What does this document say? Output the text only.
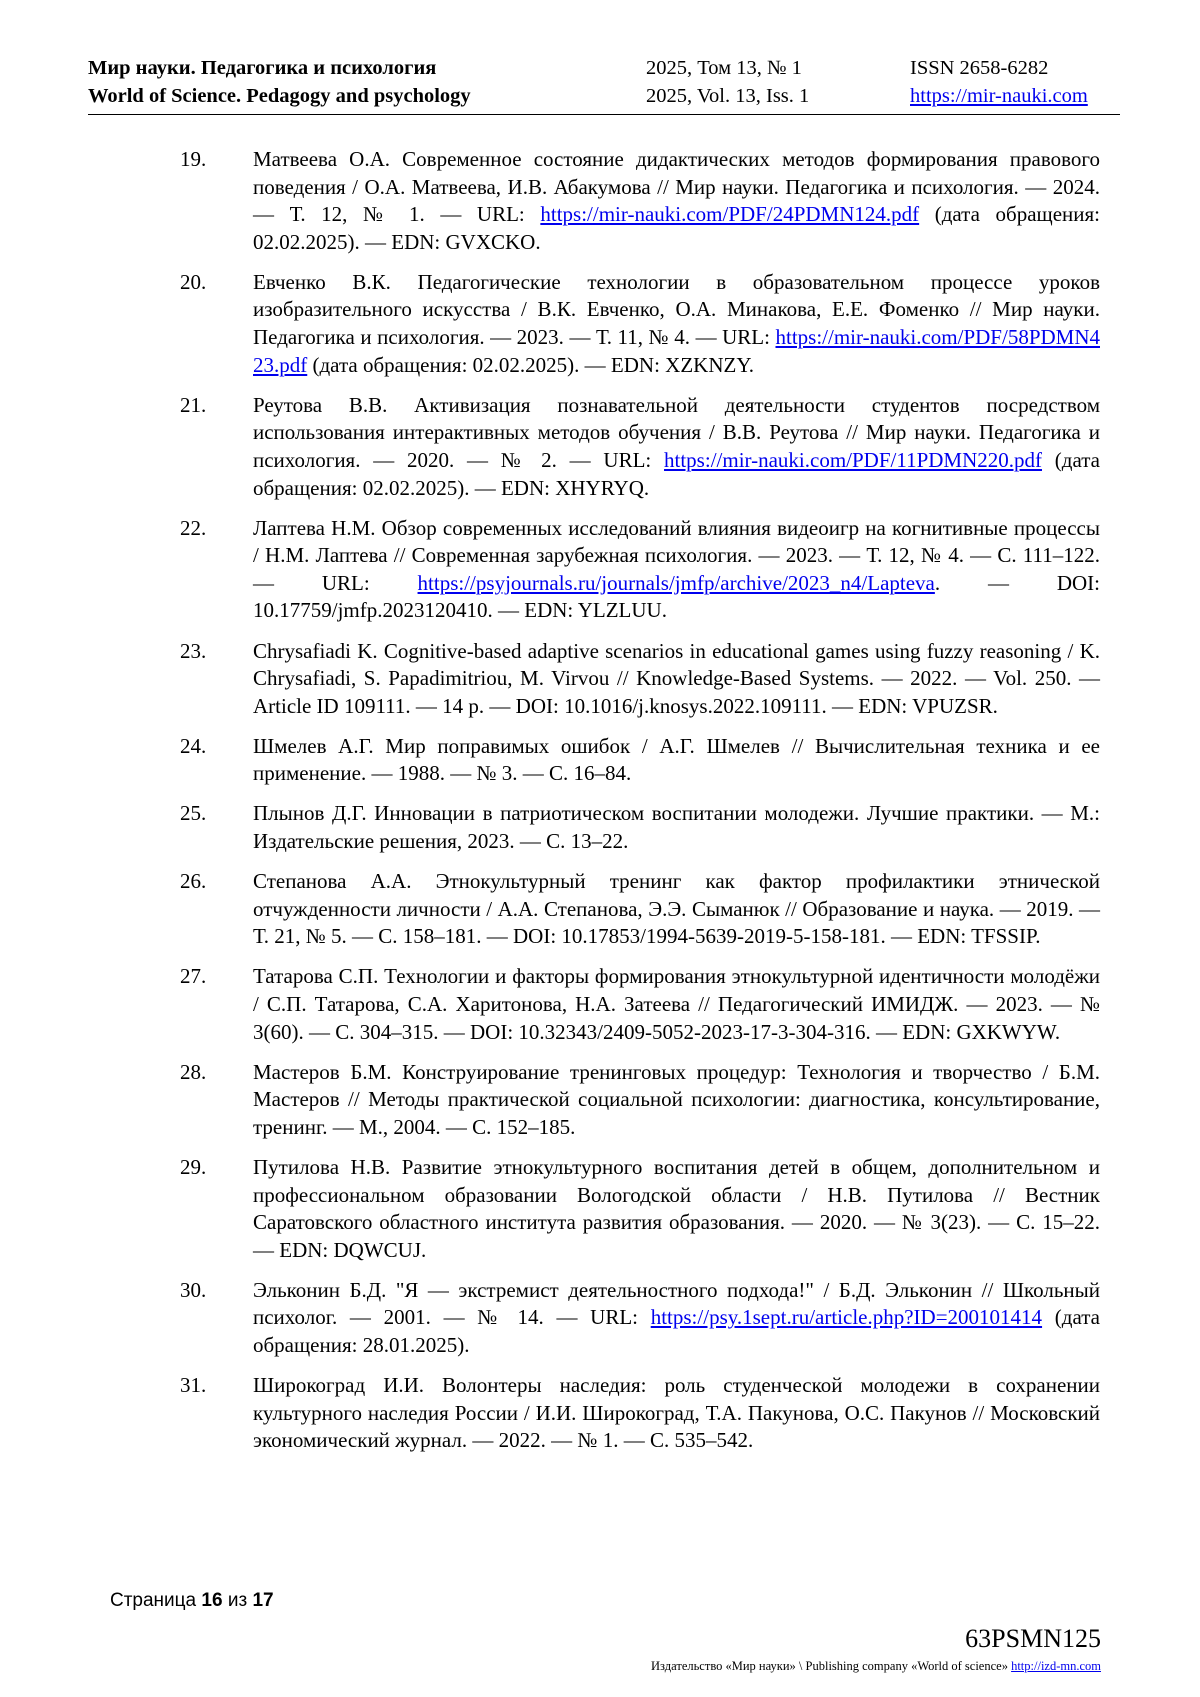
Мир науки. Педагогика и психология
World of Science. Pedagogy and psychology
2025, Том 13, № 1
2025, Vol. 13, Iss. 1
ISSN 2658-6282
https://mir-nauki.com
19. Матвеева О.А. Современное состояние дидактических методов формирования правового поведения / О.А. Матвеева, И.В. Абакумова // Мир науки. Педагогика и психология. — 2024. — Т. 12, № 1. — URL: https://mir-nauki.com/PDF/24PDMN124.pdf (дата обращения: 02.02.2025). — EDN: GVXCKO.
20. Евченко В.К. Педагогические технологии в образовательном процессе уроков изобразительного искусства / В.К. Евченко, О.А. Минакова, Е.Е. Фоменко // Мир науки. Педагогика и психология. — 2023. — Т. 11, № 4. — URL: https://mir-nauki.com/PDF/58PDMN423.pdf (дата обращения: 02.02.2025). — EDN: XZKNZY.
21. Реутова В.В. Активизация познавательной деятельности студентов посредством использования интерактивных методов обучения / В.В. Реутова // Мир науки. Педагогика и психология. — 2020. — № 2. — URL: https://mir-nauki.com/PDF/11PDMN220.pdf (дата обращения: 02.02.2025). — EDN: XHYRYQ.
22. Лаптева Н.М. Обзор современных исследований влияния видеоигр на когнитивные процессы / Н.М. Лаптева // Современная зарубежная психология. — 2023. — Т. 12, № 4. — С. 111–122. — URL: https://psyjournals.ru/journals/jmfp/archive/2023_n4/Lapteva. — DOI: 10.17759/jmfp.2023120410. — EDN: YLZLUU.
23. Chrysafiadi K. Cognitive-based adaptive scenarios in educational games using fuzzy reasoning / K. Chrysafiadi, S. Papadimitriou, M. Virvou // Knowledge-Based Systems. — 2022. — Vol. 250. — Article ID 109111. — 14 p. — DOI: 10.1016/j.knosys.2022.109111. — EDN: VPUZSR.
24. Шмелев А.Г. Мир поправимых ошибок / А.Г. Шмелев // Вычислительная техника и ее применение. — 1988. — № 3. — С. 16–84.
25. Плынов Д.Г. Инновации в патриотическом воспитании молодежи. Лучшие практики. — М.: Издательские решения, 2023. — С. 13–22.
26. Степанова А.А. Этнокультурный тренинг как фактор профилактики этнической отчужденности личности / А.А. Степанова, Э.Э. Сыманюк // Образование и наука. — 2019. — Т. 21, № 5. — С. 158–181. — DOI: 10.17853/1994-5639-2019-5-158-181. — EDN: TFSSIP.
27. Татарова С.П. Технологии и факторы формирования этнокультурной идентичности молодёжи / С.П. Татарова, С.А. Харитонова, Н.А. Затеева // Педагогический ИМИДЖ. — 2023. — № 3(60). — С. 304–315. — DOI: 10.32343/2409-5052-2023-17-3-304-316. — EDN: GXKWYW.
28. Мастеров Б.М. Конструирование тренинговых процедур: Технология и творчество / Б.М. Мастеров // Методы практической социальной психологии: диагностика, консультирование, тренинг. — М., 2004. — С. 152–185.
29. Путилова Н.В. Развитие этнокультурного воспитания детей в общем, дополнительном и профессиональном образовании Вологодской области / Н.В. Путилова // Вестник Саратовского областного института развития образования. — 2020. — № 3(23). — С. 15–22. — EDN: DQWCUJ.
30. Эльконин Б.Д. "Я — экстремист деятельностного подхода!" / Б.Д. Эльконин // Школьный психолог. — 2001. — № 14. — URL: https://psy.1sept.ru/article.php?ID=200101414 (дата обращения: 28.01.2025).
31. Широкоград И.И. Волонтеры наследия: роль студенческой молодежи в сохранении культурного наследия России / И.И. Широкоград, Т.А. Пакунова, О.С. Пакунов // Московский экономический журнал. — 2022. — № 1. — С. 535–542.
Страница 16 из 17
63PSMN125
Издательство «Мир науки» \ Publishing company «World of science» http://izd-mn.com
